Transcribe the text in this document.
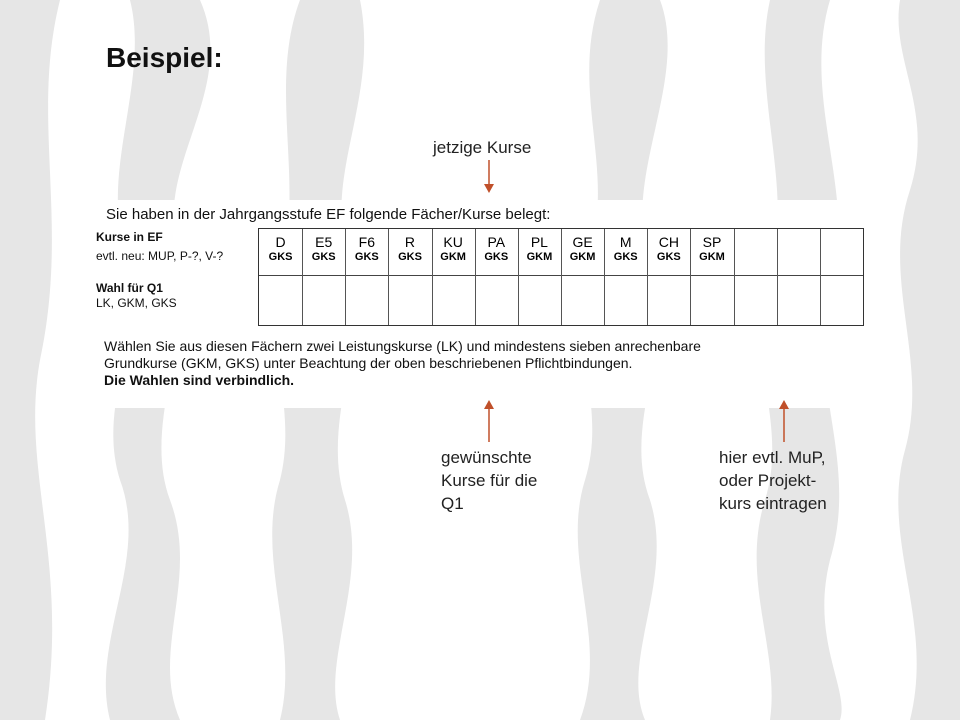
Beispiel:
jetzige Kurse
Sie haben in der Jahrgangsstufe EF folgende Fächer/Kurse belegt:
Kurse in EF
evtl. neu: MUP, P-?, V-?
Wahl für Q1
LK, GKM, GKS
D
GKS
E5
GKS
F6
GKS
R
GKS
KU
GKM
PA
GKS
PL
GKM
GE
GKM
M
GKS
CH
GKS
SP
GKM
Wählen Sie aus diesen Fächern zwei Leistungskurse (LK) und mindestens sieben anrechenbare
Grundkurse (GKM, GKS) unter Beachtung der oben beschriebenen Pflichtbindungen.
Die Wahlen sind verbindlich.
gewünschte
Kurse für die
Q1
hier evtl. MuP,
oder Projekt-
kurs eintragen
